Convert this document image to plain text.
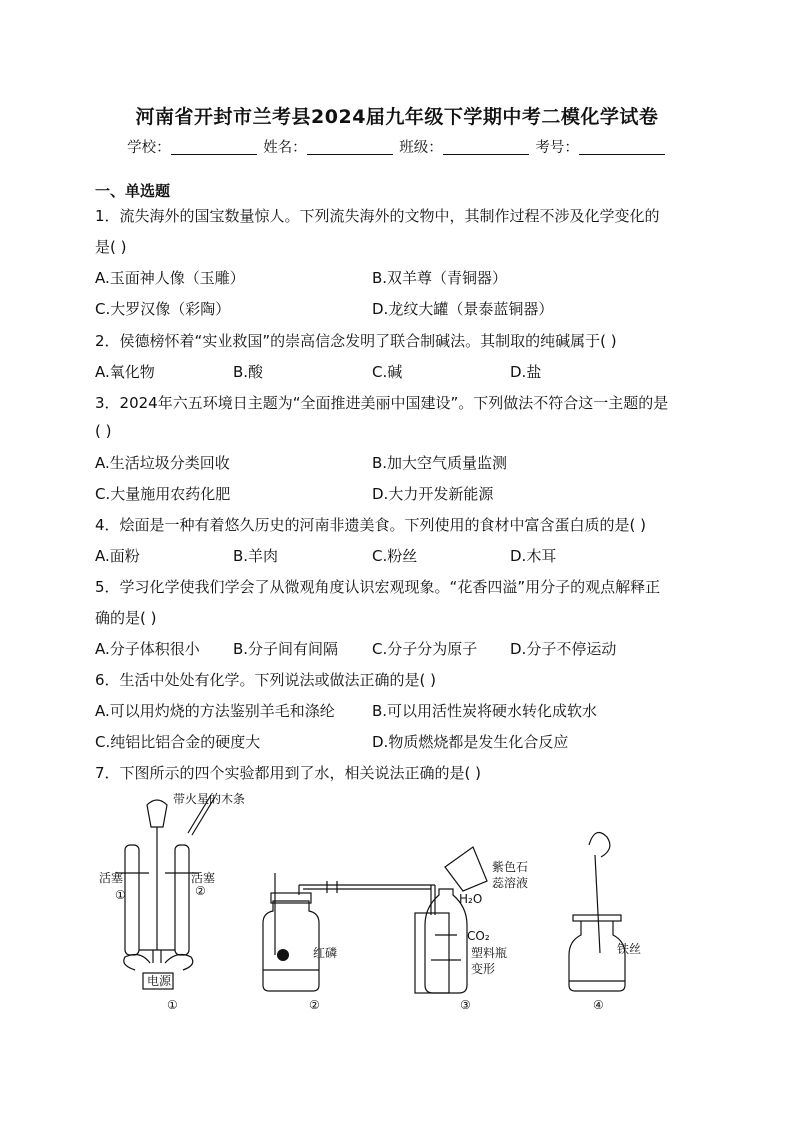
河南省开封市兰考县2024届九年级下学期中考二模化学试卷
学校：	姓名：	班级：	考号：
一、单选题
1．流失海外的国宝数量惊人。下列流失海外的文物中，其制作过程不涉及化学变化的
是( )
A.玉面神人像（玉雕）	B.双羊尊（青铜器）
C.大罗汉像（彩陶）	D.龙纹大罐（景泰蓝铜器）
2．侯德榜怀着“实业救国”的崇高信念发明了联合制碱法。其制取的纯碱属于( )
A.氧化物	B.酸	C.碱	D.盐
3．2024年六五环境日主题为“全面推进美丽中国建设”。下列做法不符合这一主题的是
( )
A.生活垃圾分类回收	B.加大空气质量监测
C.大量施用农药化肥	D.大力开发新能源
4．烩面是一种有着悠久历史的河南非遗美食。下列使用的食材中富含蛋白质的是( )
A.面粉	B.羊肉	C.粉丝	D.木耳
5．学习化学使我们学会了从微观角度认识宏观现象。“花香四溢”用分子的观点解释正
确的是( )
A.分子体积很小 B.分子间有间隔 C.分子分为原子 D.分子不停运动
6．生活中处处有化学。下列说法或做法正确的是( )
A.可以用灼烧的方法鉴别羊毛和涤纶 B.可以用活性炭将硬水转化成软水
C.纯铝比铝合金的硬度大	D.物质燃烧都是发生化合反应
7．下图所示的四个实验都用到了水，相关说法正确的是( )
带火星的木条
活塞	活塞
①	②
电源
红磷
紫色石
蕊溶液
H₂O
CO₂
塑料瓶
变形
铁丝
①	②	③	④
